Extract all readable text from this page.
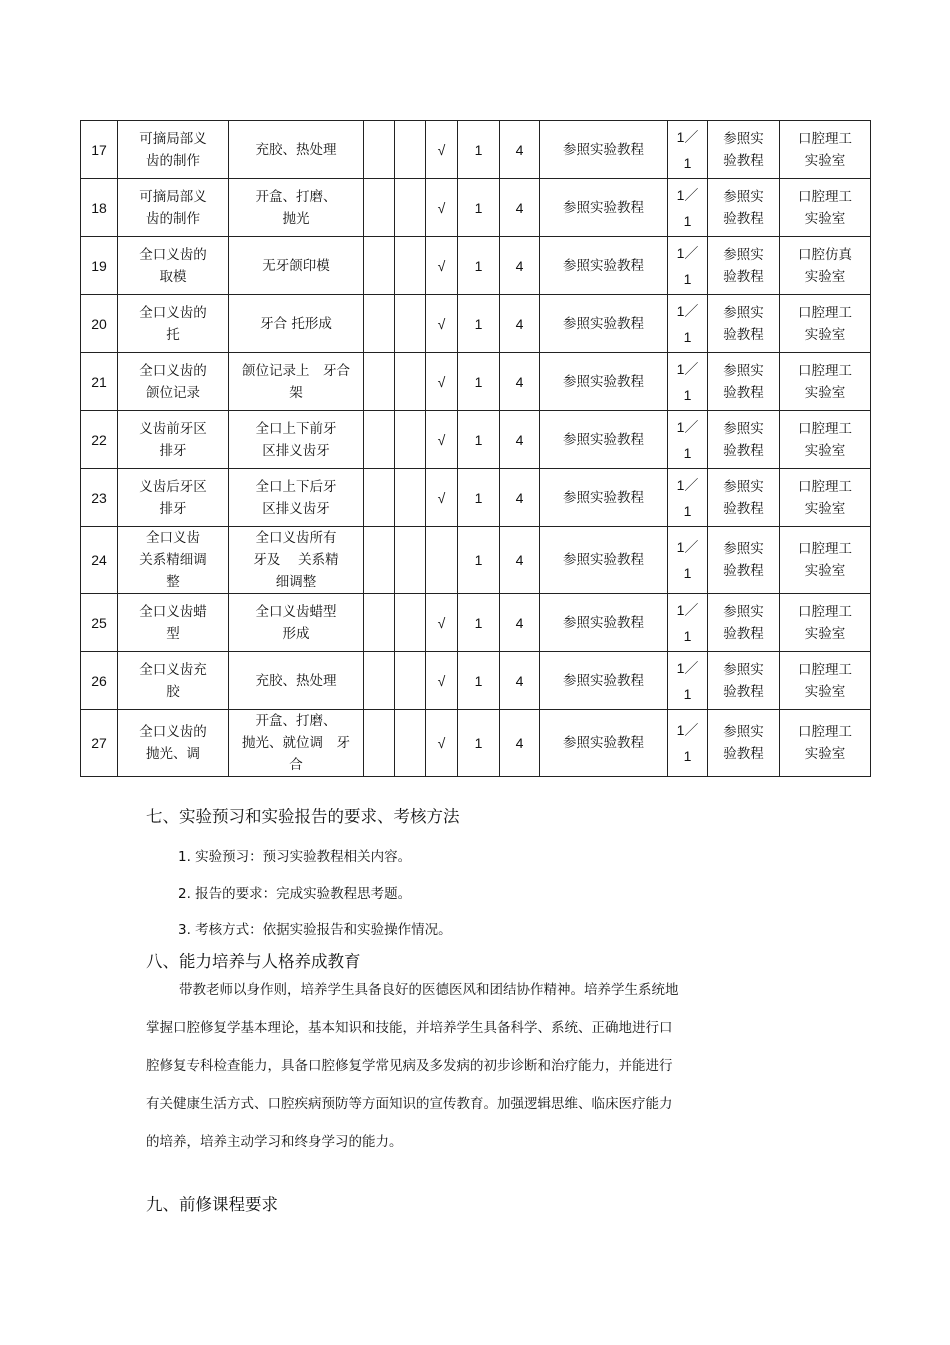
17	可摘局部义
齿的制作	充胶、热处理			√	1	4	参照实验教程	1／
1	参照实
验教程	口腔理工
实验室
18	可摘局部义
齿的制作	开盒、打磨、
抛光			√	1	4	参照实验教程	1／
1	参照实
验教程	口腔理工
实验室
19	全口义齿的
取模	无牙颌印模			√	1	4	参照实验教程	1／
1	参照实
验教程	口腔仿真
实验室
20	全口义齿的
托	牙合 托形成			√	1	4	参照实验教程	1／
1	参照实
验教程	口腔理工
实验室
21	全口义齿的
颌位记录	颌位记录上　牙合
架			√	1	4	参照实验教程	1／
1	参照实
验教程	口腔理工
实验室
22	义齿前牙区
排牙	全口上下前牙
区排义齿牙			√	1	4	参照实验教程	1／
1	参照实
验教程	口腔理工
实验室
23	义齿后牙区
排牙	全口上下后牙
区排义齿牙			√	1	4	参照实验教程	1／
1	参照实
验教程	口腔理工
实验室
24	全口义齿
关系精细调
整	全口义齿所有
牙及　 关系精
细调整				1	4	参照实验教程	1／
1	参照实
验教程	口腔理工
实验室
25	全口义齿蜡
型	全口义齿蜡型
形成			√	1	4	参照实验教程	1／
1	参照实
验教程	口腔理工
实验室
26	全口义齿充
胶	充胶、热处理			√	1	4	参照实验教程	1／
1	参照实
验教程	口腔理工
实验室
27	全口义齿的
抛光、调	开盒、打磨、
抛光、就位调　牙
合			√	1	4	参照实验教程	1／
1	参照实
验教程	口腔理工
实验室
七、实验预习和实验报告的要求、考核方法
1. 实验预习：预习实验教程相关内容。
2. 报告的要求：完成实验教程思考题。
3. 考核方式：依据实验报告和实验操作情况。
八、能力培养与人格养成教育
带教老师以身作则，培养学生具备良好的医德医风和团结协作精神。培养学生系统地
掌握口腔修复学基本理论，基本知识和技能，并培养学生具备科学、系统、正确地进行口
腔修复专科检查能力，具备口腔修复学常见病及多发病的初步诊断和治疗能力，并能进行
有关健康生活方式、口腔疾病预防等方面知识的宣传教育。加强逻辑思维、临床医疗能力
的培养，培养主动学习和终身学习的能力。
九、前修课程要求
